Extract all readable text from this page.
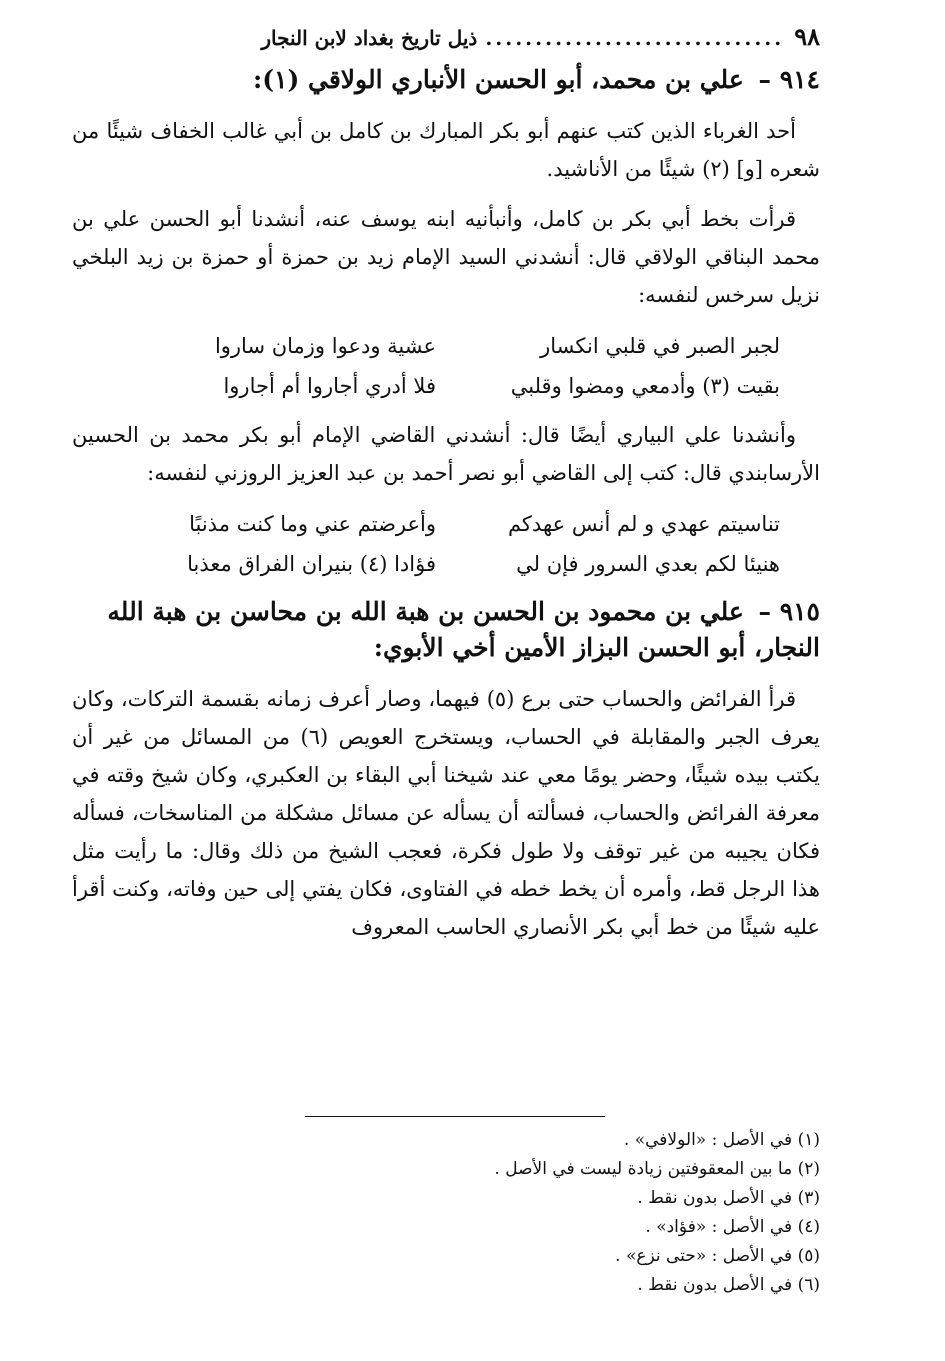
٩٨
..............................
ذيل تاريخ بغداد لابن النجار
٩١٤ – علي بن محمد، أبو الحسن الأنباري الولاقي (١):

أحد الغرباء الذين كتب عنهم أبو بكر المبارك بن كامل بن أبي غالب الخفاف شيئًا من شعره [و] (٢) شيئًا من الأناشيد.

قرأت بخط أبي بكر بن كامل، وأنبأنيه ابنه يوسف عنه، أنشدنا أبو الحسن علي بن محمد البناقي الولاقي قال: أنشدني السيد الإمام زيد بن حمزة أو حمزة بن زيد البلخي نزيل سرخس لنفسه:

لجبر الصبر في قلبي انكسار
عشية ودعوا وزمان ساروا
بقيت (٣) وأدمعي ومضوا وقلبي
فلا أدري أجاروا أم أجاروا

وأنشدنا علي البياري أيضًا قال: أنشدني القاضي الإمام أبو بكر محمد بن الحسين الأرسابندي قال: كتب إلى القاضي أبو نصر أحمد بن عبد العزيز الروزني لنفسه:

تناسيتم عهدي و لم أنس عهدكم
وأعرضتم عني وما كنت مذنبًا
هنيئا لكم بعدي السرور فإن لي
فؤادا (٤) بنيران الفراق معذبا
٩١٥ – علي بن محمود بن الحسن بن هبة الله بن محاسن بن هبة الله النجار، أبو الحسن البزاز الأمين أخي الأبوي:

قرأ الفرائض والحساب حتى برع (٥) فيهما، وصار أعرف زمانه بقسمة التركات، وكان يعرف الجبر والمقابلة في الحساب، ويستخرج العويص (٦) من المسائل من غير أن يكتب بيده شيئًا، وحضر يومًا معي عند شيخنا أبي البقاء بن العكبري، وكان شيخ وقته في معرفة الفرائض والحساب، فسألته أن يسأله عن مسائل مشكلة من المناسخات، فسأله فكان يجيبه من غير توقف ولا طول فكرة، فعجب الشيخ من ذلك وقال: ما رأيت مثل هذا الرجل قط، وأمره أن يخط خطه في الفتاوى، فكان يفتي إلى حين وفاته، وكنت أقرأ عليه شيئًا من خط أبي بكر الأنصاري الحاسب المعروف

(١) في الأصل : «الولافي» .
(٢) ما بين المعقوفتين زيادة ليست في الأصل .
(٣) في الأصل بدون نقط .
(٤) في الأصل : «فؤاد» .
(٥) في الأصل : «حتى نزع» .
(٦) في الأصل بدون نقط .
